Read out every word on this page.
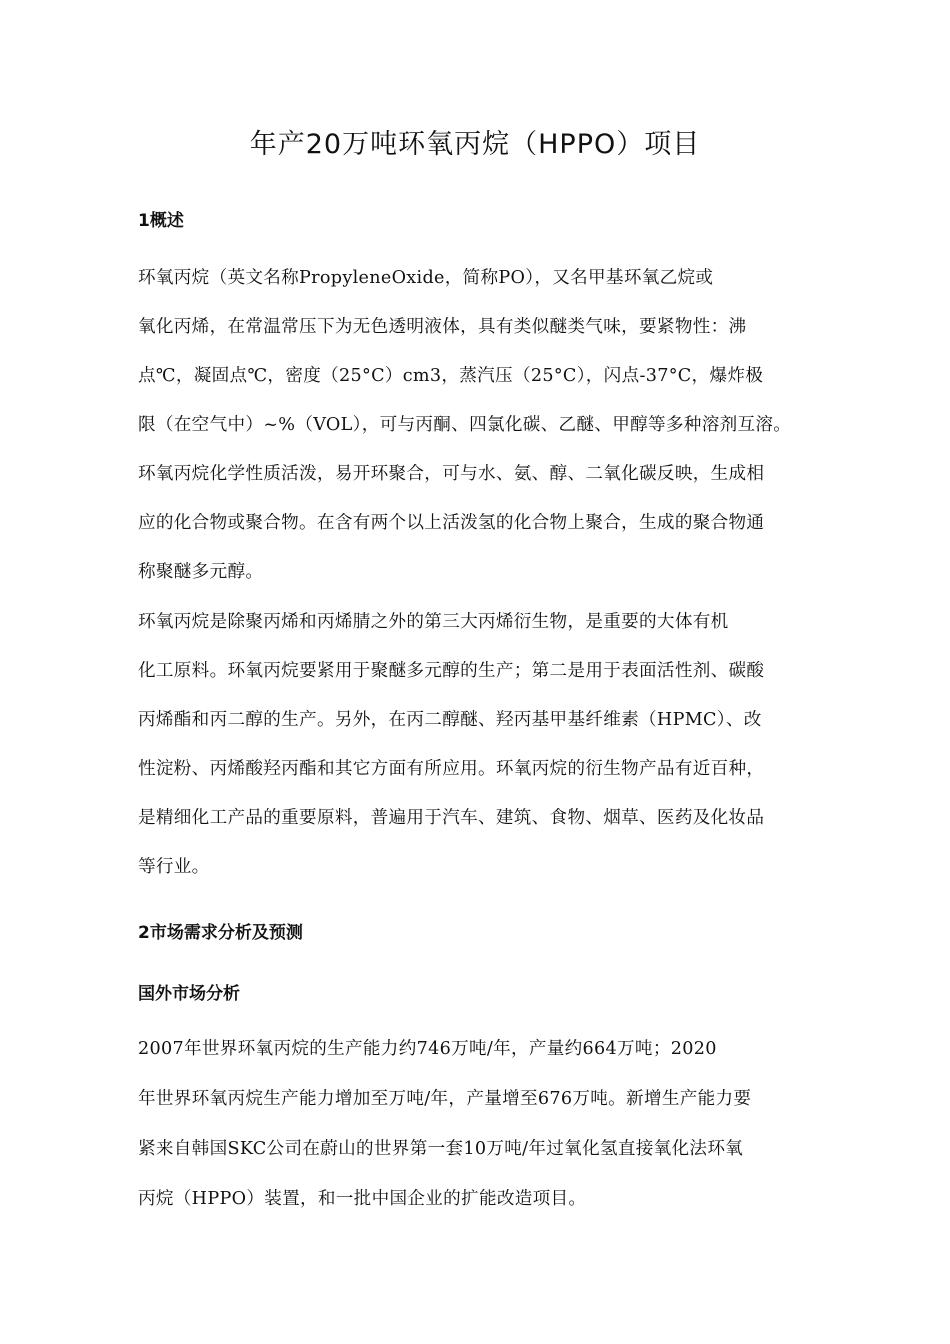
年产20万吨环氧丙烷（HPPO）项目
1概述

环氧丙烷（英文名称PropyleneOxide，简称PO），又名甲基环氧乙烷或
氧化丙烯，在常温常压下为无色透明液体，具有类似醚类气味，要紧物性：沸
点℃，凝固点℃，密度（25°C）cm3，蒸汽压（25°C），闪点-37°C，爆炸极
限（在空气中）~%（VOL），可与丙酮、四氯化碳、乙醚、甲醇等多种溶剂互溶。
环氧丙烷化学性质活泼，易开环聚合，可与水、氨、醇、二氧化碳反映，生成相
应的化合物或聚合物。在含有两个以上活泼氢的化合物上聚合，生成的聚合物通
称聚醚多元醇。

环氧丙烷是除聚丙烯和丙烯腈之外的第三大丙烯衍生物，是重要的大体有机
化工原料。环氧丙烷要紧用于聚醚多元醇的生产；第二是用于表面活性剂、碳酸
丙烯酯和丙二醇的生产。另外，在丙二醇醚、羟丙基甲基纤维素（HPMC）、改
性淀粉、丙烯酸羟丙酯和其它方面有所应用。环氧丙烷的衍生物产品有近百种，
是精细化工产品的重要原料，普遍用于汽车、建筑、食物、烟草、医药及化妆品
等行业。

2市场需求分析及预测
国外市场分析

2007年世界环氧丙烷的生产能力约746万吨/年，产量约664万吨；2020
年世界环氧丙烷生产能力增加至万吨/年，产量增至676万吨。新增生产能力要
紧来自韩国SKC公司在蔚山的世界第一套10万吨/年过氧化氢直接氧化法环氧
丙烷（HPPO）装置，和一批中国企业的扩能改造项目。
